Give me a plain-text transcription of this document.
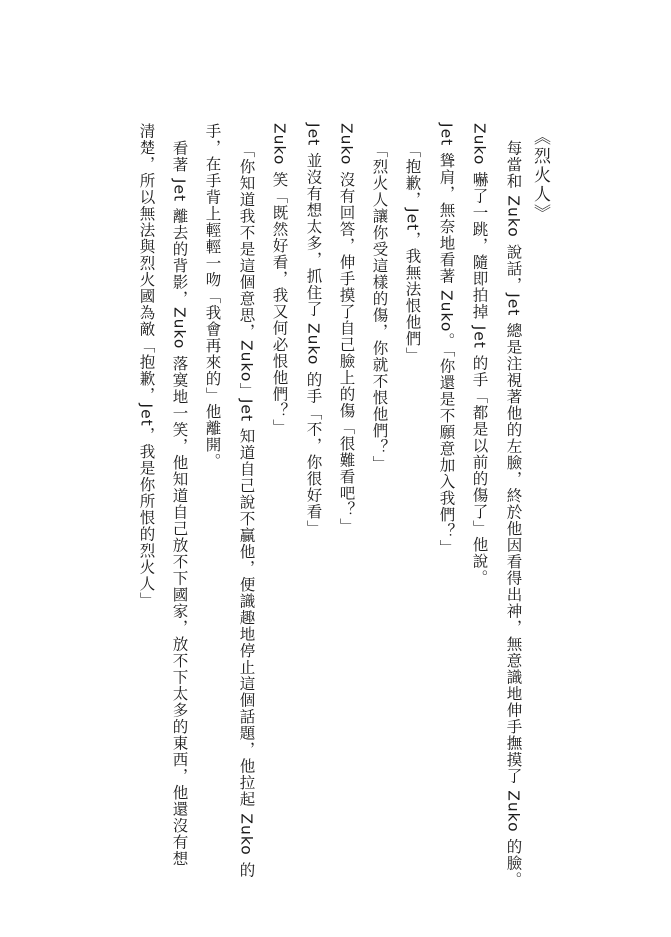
《烈火人》
每當和 Zuko 說話，Jet 總是注視著他的左臉，終於他因看得出神，無意識地伸手撫摸了 Zuko 的臉。
Zuko 嚇了一跳，隨即拍掉 Jet 的手「都是以前的傷了」他說。
Jet 聳肩，無奈地看著 Zuko。「你還是不願意加入我們？」
「抱歉，Jet，我無法恨他們」
「烈火人讓你受這樣的傷，你就不恨他們？」
Zuko 沒有回答，伸手摸了自己臉上的傷「很難看吧？」
Jet 並沒有想太多，抓住了 Zuko 的手「不，你很好看」
Zuko 笑「既然好看，我又何必恨他們？」
「你知道我不是這個意思，Zuko」Jet 知道自己說不贏他，便識趣地停止這個話題，他拉起 Zuko 的
手，在手背上輕輕一吻「我會再來的」他離開。
看著 Jet 離去的背影，Zuko 落寞地一笑，他知道自己放不下國家，放不下太多的東西，他還沒有想
清楚，所以無法與烈火國為敵「抱歉，Jet，我是你所恨的烈火人」
